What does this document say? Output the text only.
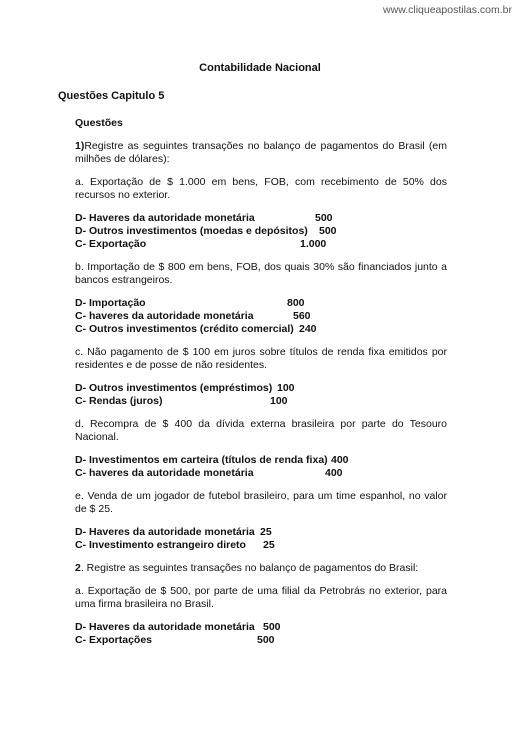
www.cliqueapostilas.com.br
Contabilidade Nacional
Questões Capitulo 5
Questões

1)Registre as seguintes transações no balanço de pagamentos do Brasil (em milhões de dólares):

a. Exportação de $ 1.000 em bens, FOB, com recebimento de 50% dos recursos no exterior.

D- Haveres da autoridade monetária	500
D- Outros investimentos (moedas e depósitos)	500
C- Exportação	1.000

b. Importação de $ 800 em bens, FOB, dos quais 30% são financiados junto a bancos estrangeiros.

D- Importação	800
C- haveres da autoridade monetária	560
C- Outros investimentos (crédito comercial) 240

c. Não pagamento de $ 100 em juros sobre títulos de renda fixa emitidos por residentes e de posse de não residentes.

D- Outros investimentos (empréstimos) 100
C- Rendas (juros)	100

d. Recompra de $ 400 da dívida externa brasileira por parte do Tesouro Nacional.

D- Investimentos em carteira (títulos de renda fixa) 400
C- haveres da autoridade monetária	400

e. Venda de um jogador de futebol brasileiro, para um time espanhol, no valor de $ 25.

D- Haveres da autoridade monetária 25
C- Investimento estrangeiro direto	25

2. Registre as seguintes transações no balanço de pagamentos do Brasil:

a. Exportação de $ 500, por parte de uma filial da Petrobrás no exterior, para uma firma brasileira no Brasil.

D- Haveres da autoridade monetária 500
C- Exportações	500
